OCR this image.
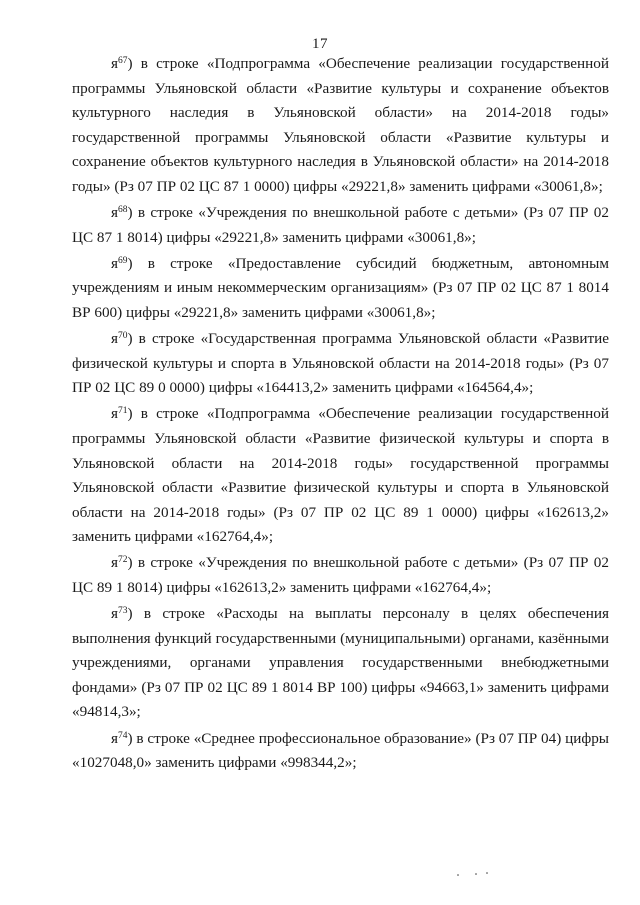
17

$я^{67}$) в строке «Подпрограмма «Обеспечение реализации государственной программы Ульяновской области «Развитие культуры и сохранение объектов культурного наследия в Ульяновской области» на 2014-2018 годы» государственной программы Ульяновской области «Развитие культуры и сохранение объектов культурного наследия в Ульяновской области» на 2014-2018 годы» (Рз 07 ПР 02 ЦС 87 1 0000) цифры «29221,8» заменить цифрами «30061,8»;

$я^{68}$) в строке «Учреждения по внешкольной работе с детьми» (Рз 07 ПР 02 ЦС 87 1 8014) цифры «29221,8» заменить цифрами «30061,8»;

$я^{69}$) в строке «Предоставление субсидий бюджетным, автономным учреждениям и иным некоммерческим организациям» (Рз 07 ПР 02 ЦС 87 1 8014 ВР 600) цифры «29221,8» заменить цифрами «30061,8»;

$я^{70}$) в строке «Государственная программа Ульяновской области «Развитие физической культуры и спорта в Ульяновской области на 2014-2018 годы» (Рз 07 ПР 02 ЦС 89 0 0000) цифры «164413,2» заменить цифрами «164564,4»;

$я^{71}$) в строке «Подпрограмма «Обеспечение реализации государственной программы Ульяновской области «Развитие физической культуры и спорта в Ульяновской области на 2014-2018 годы» государственной программы Ульяновской области «Развитие физической культуры и спорта в Ульяновской области на 2014-2018 годы» (Рз 07 ПР 02 ЦС 89 1 0000) цифры «162613,2» заменить цифрами «162764,4»;

$я^{72}$) в строке «Учреждения по внешкольной работе с детьми» (Рз 07 ПР 02 ЦС 89 1 8014) цифры «162613,2» заменить цифрами «162764,4»;

$я^{73}$) в строке «Расходы на выплаты персоналу в целях обеспечения выполнения функций государственными (муниципальными) органами, казёнными учреждениями, органами управления государственными внебюджетными фондами» (Рз 07 ПР 02 ЦС 89 1 8014 ВР 100) цифры «94663,1» заменить цифрами «94814,3»;

$я^{74}$) в строке «Среднее профессиональное образование» (Рз 07 ПР 04) цифры «1027048,0» заменить цифрами «998344,2»;
